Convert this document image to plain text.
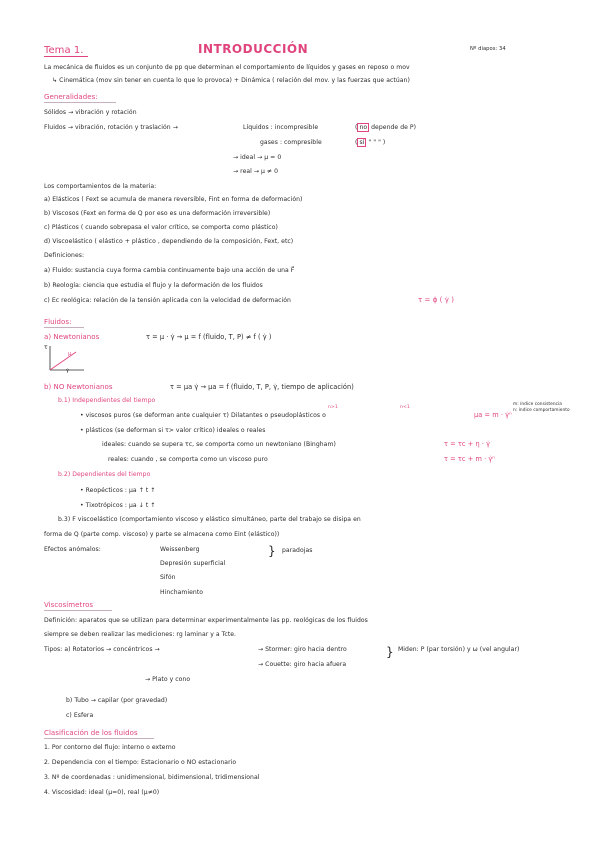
Tema 1.	INTRODUCCIÓN	Nº diapos: 34
La mecánica de fluidos es un conjunto de pp que determinan el comportamiento de líquidos y gases en reposo o mov
↳ Cinemática (mov sin tener en cuenta lo que lo provoca) + Dinámica ( relación del mov. y las fuerzas que actúan)
Generalidades:
Sólidos → vibración y rotación
Fluidos → vibración, rotación y traslación →	Líquidos : incompresible	( no depende de P)
gases : compresible	( sí " " " )
→ ideal → μ = 0
→ real → μ ≠ 0
Los comportamientos de la materia:
a) Elásticos ( Fext se acumula de manera reversible, Fint en forma de deformación)
b) Viscosos (Fext en forma de Q por eso es una deformación irreversible)
c) Plásticos ( cuando sobrepasa el valor crítico, se comporta como plástico)
d) Viscoelástico ( elástico + plástico , dependiendo de la composición, Fext, etc)
Definiciones:
a) Fluido: sustancia cuya forma cambia continuamente bajo una acción de una F⃗
b) Reología: ciencia que estudia el flujo y la deformación de los fluidos
c) Ec reológica: relación de la tensión aplicada con la velocidad de deformación	τ = ϕ ( γ̇ )
Fluidos:
a) Newtonianos	τ = μ · γ̇ → μ = f (fluido, T, P) ≠ f ( γ̇ )
τ
μ
γ̇
b) NO Newtonianos	τ = μa γ̇ → μa = f (fluido, T, P, γ̇, tiempo de aplicación)
b.1) Independientes del tiempo
n>1	n<1
• viscosos puros (se deforman ante cualquier τ) Dilatantes o pseudoplásticos o	μa = m · γ̇ⁿ
m: índice consistencia
n: índice comportamiento
• plásticos (se deforman si τ> valor crítico) ideales o reales
ideales: cuando se supera τc, se comporta como un newtoniano (Bingham)	τ = τc + η · γ̇
reales: cuando , se comporta como un viscoso puro	τ = τc + m · γ̇ⁿ
b.2) Dependientes del tiempo
• Reopécticos : μa ↑ t ↑
• Tixotrópicos : μa ↓ t ↑
b.3) F viscoelástico (comportamiento viscoso y elástico simultáneo, parte del trabajo se disipa en
forma de Q (parte comp. viscoso) y parte se almacena como Eint (elástico))
Efectos anómalos:	Weissenberg
Depresión superficial
Sifón
Hinchamiento
} paradojas
Viscosímetros
Definición: aparatos que se utilizan para determinar experimentalmente las pp. reológicas de los fluidos
siempre se deben realizar las mediciones: rg laminar y a Tcte.
Tipos: a) Rotatorios → concéntricos →	→ Stormer: giro hacia dentro
→ Couette: giro hacia afuera
} Miden: P (par torsión) y ω (vel angular)
→ Plato y cono
b) Tubo → capilar (por gravedad)
c) Esfera
Clasificación de los fluidos
1. Por contorno del flujo: interno o externo
2. Dependencia con el tiempo: Estacionario o NO estacionario
3. Nº de coordenadas : unidimensional, bidimensional, tridimensional
4. Viscosidad: ideal (μ=0), real (μ≠0)
